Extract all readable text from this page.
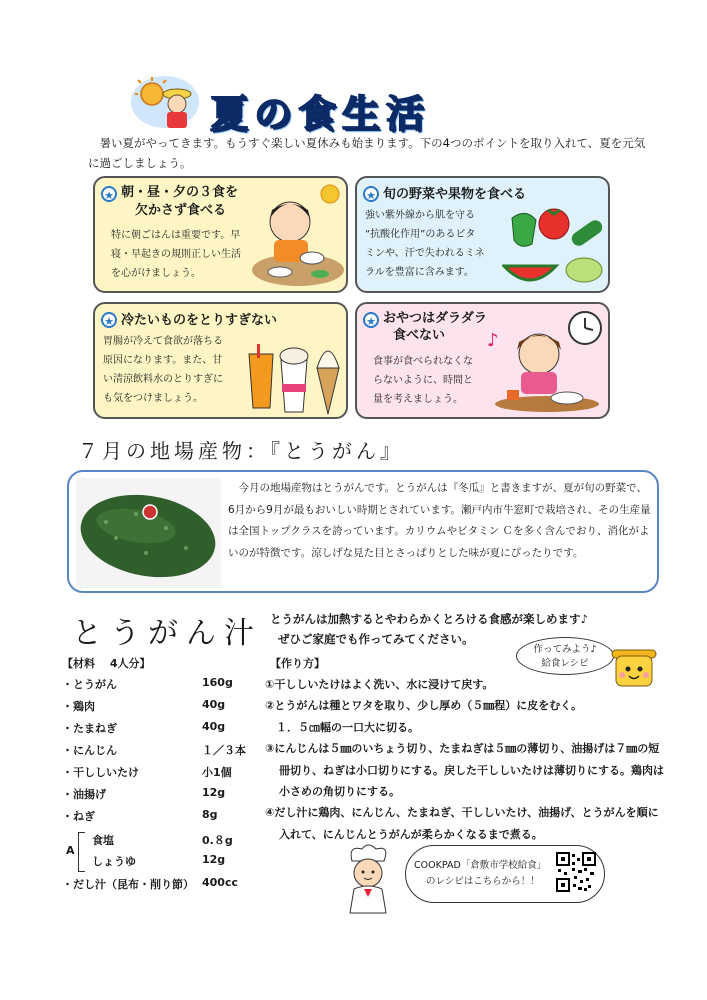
夏の食生活
　暑い夏がやってきます。もうすぐ楽しい夏休みも始まります。下の4つのポイントを取り入れて、夏を元気に過ごしましょう。
★ 朝・昼・夕の３食を
欠かさず食べる

特に朝ごはんは重要です。早

寝・早起きの規則正しい生活

を心がけましょう。

★ 旬の野菜や果物を食べる

強い紫外線から肌を守る

“抗酸化作用”のあるビタ

ミンや、汗で失われるミネ

ラルを豊富に含みます。

★ 冷たいものをとりすぎない

胃腸が冷えて食欲が落ちる

原因になります。また、甘

い清涼飲料水のとりすぎに

も気をつけましょう。

★ おやつはダラダラ
食べない

食事が食べられなくな

らないように、時間と

量を考えましょう。

♪
７月の地場産物：『とうがん』
今月の地場産物はとうがんです。とうがんは『冬瓜』と書きますが、夏が旬の野菜で、6月から9月が最もおいしい時期とされています。瀬戸内市牛窓町で栽培され、その生産量は全国トップクラスを誇っています。カリウムやビタミン Ｃを多く含んでおり、消化がよいのが特徴です。涼しげな見た目とさっぱりとした味が夏にぴったりです。
とうがん汁 とうがんは加熱するとやわらかくとろける食感が楽しめます♪
ぜひご家庭でも作ってみてください。
作ってみよう♪
給食レシピ
【材料　 4人分】
・とうがん	160g
・鶏肉	40g
・たまねぎ	40g
・にんじん	１／３本
・干ししいたけ	小1個
・油揚げ	12g
・ねぎ	8g
A
食塩	0.８g
しょうゆ	12g
・だし汁（昆布・削り節） 400cc
【作り方】
①干ししいたけはよく洗い、水に浸けて戻す。
②とうがんは種とワタを取り、少し厚め（５㎜程）に皮をむく。
　１．５㎝幅の一口大に切る。
③にんじんは５㎜のいちょう切り、たまねぎは５㎜の薄切り、油揚げは７㎜の短冊切り、ねぎは小口切りにする。戻した干ししいたけは薄切りにする。鶏肉は小さめの角切りにする。
④だし汁に鶏肉、にんじん、たまねぎ、干ししいたけ、油揚げ、とうがんを順に入れて、にんじんとうがんが柔らかくなるまで煮る。
COOKPAD「倉敷市学校給食」
のレシピはこちらから！！
